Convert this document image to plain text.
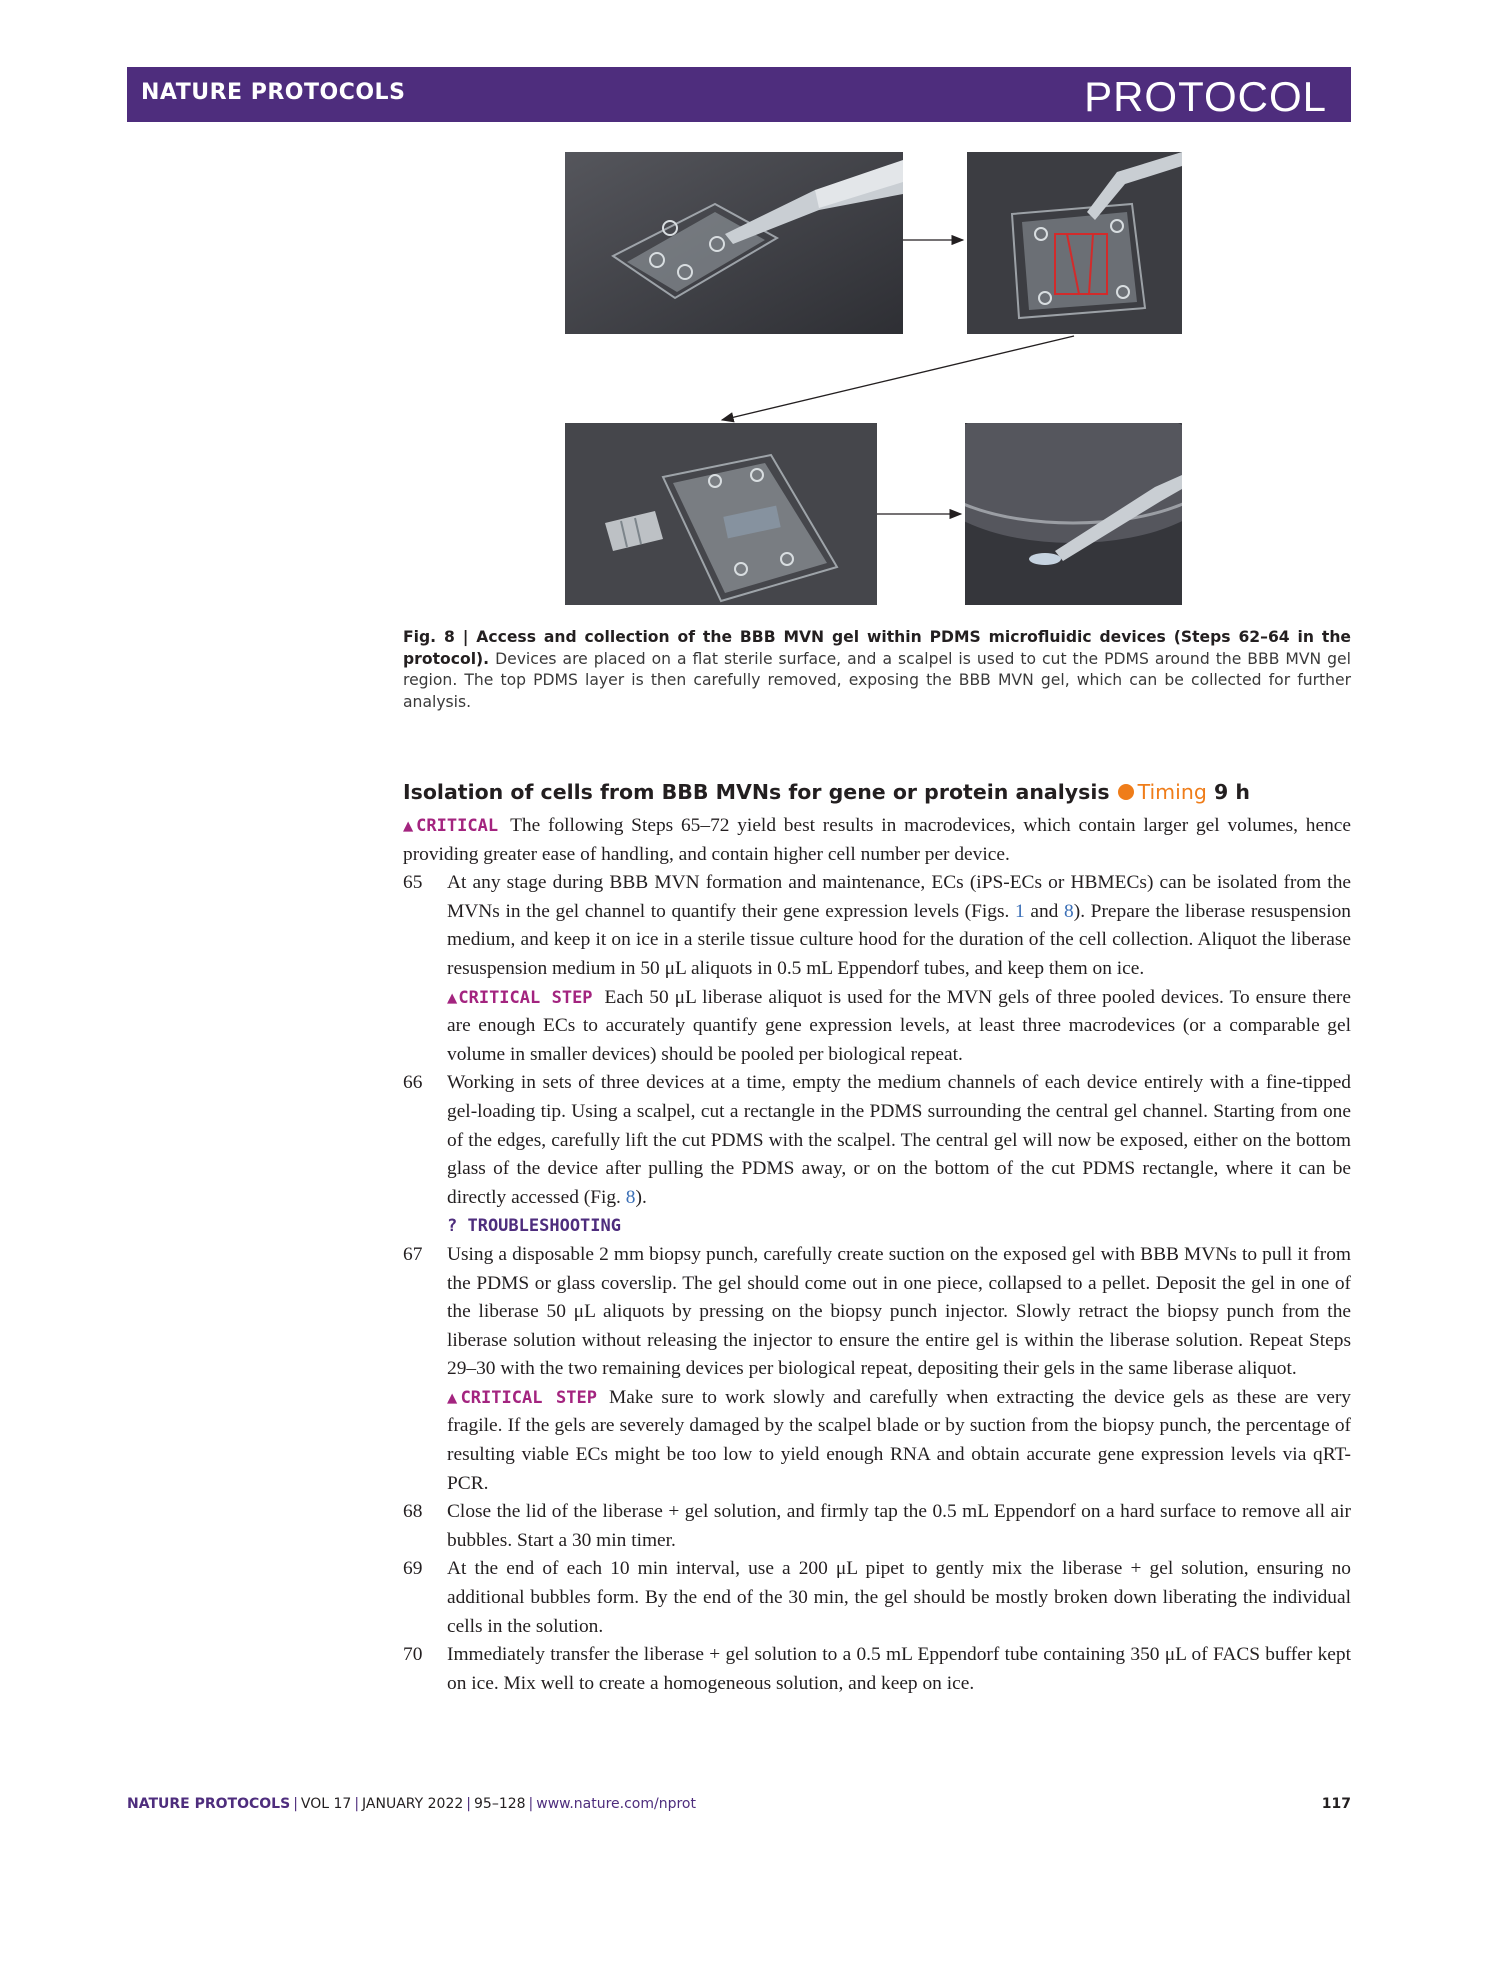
NATURE PROTOCOLS	PROTOCOL
Fig. 8 | Access and collection of the BBB MVN gel within PDMS microfluidic devices (Steps 62–64 in the protocol). Devices are placed on a flat sterile surface, and a scalpel is used to cut the PDMS around the BBB MVN gel region. The top PDMS layer is then carefully removed, exposing the BBB MVN gel, which can be collected for further analysis.
Isolation of cells from BBB MVNs for gene or protein analysis Timing 9 h

▲CRITICAL The following Steps 65–72 yield best results in macrodevices, which contain larger gel volumes, hence providing greater ease of handling, and contain higher cell number per device.

65 At any stage during BBB MVN formation and maintenance, ECs (iPS-ECs or HBMECs) can be isolated from the MVNs in the gel channel to quantify their gene expression levels (Figs. 1 and 8). Prepare the liberase resuspension medium, and keep it on ice in a sterile tissue culture hood for the duration of the cell collection. Aliquot the liberase resuspension medium in 50 μL aliquots in 0.5 mL Eppendorf tubes, and keep them on ice.

▲CRITICAL STEP Each 50 μL liberase aliquot is used for the MVN gels of three pooled devices. To ensure there are enough ECs to accurately quantify gene expression levels, at least three macrodevices (or a comparable gel volume in smaller devices) should be pooled per biological repeat.

66 Working in sets of three devices at a time, empty the medium channels of each device entirely with a fine-tipped gel-loading tip. Using a scalpel, cut a rectangle in the PDMS surrounding the central gel channel. Starting from one of the edges, carefully lift the cut PDMS with the scalpel. The central gel will now be exposed, either on the bottom glass of the device after pulling the PDMS away, or on the bottom of the cut PDMS rectangle, where it can be directly accessed (Fig. 8).

? TROUBLESHOOTING

67 Using a disposable 2 mm biopsy punch, carefully create suction on the exposed gel with BBB MVNs to pull it from the PDMS or glass coverslip. The gel should come out in one piece, collapsed to a pellet. Deposit the gel in one of the liberase 50 μL aliquots by pressing on the biopsy punch injector. Slowly retract the biopsy punch from the liberase solution without releasing the injector to ensure the entire gel is within the liberase solution. Repeat Steps 29–30 with the two remaining devices per biological repeat, depositing their gels in the same liberase aliquot.

▲CRITICAL STEP Make sure to work slowly and carefully when extracting the device gels as these are very fragile. If the gels are severely damaged by the scalpel blade or by suction from the biopsy punch, the percentage of resulting viable ECs might be too low to yield enough RNA and obtain accurate gene expression levels via qRT-PCR.

68 Close the lid of the liberase + gel solution, and firmly tap the 0.5 mL Eppendorf on a hard surface to remove all air bubbles. Start a 30 min timer.

69 At the end of each 10 min interval, use a 200 μL pipet to gently mix the liberase + gel solution, ensuring no additional bubbles form. By the end of the 30 min, the gel should be mostly broken down liberating the individual cells in the solution.

70 Immediately transfer the liberase + gel solution to a 0.5 mL Eppendorf tube containing 350 μL of FACS buffer kept on ice. Mix well to create a homogeneous solution, and keep on ice.

NATURE PROTOCOLS | VOL 17 | JANUARY 2022 | 95–128 | www.nature.com/nprot	117
